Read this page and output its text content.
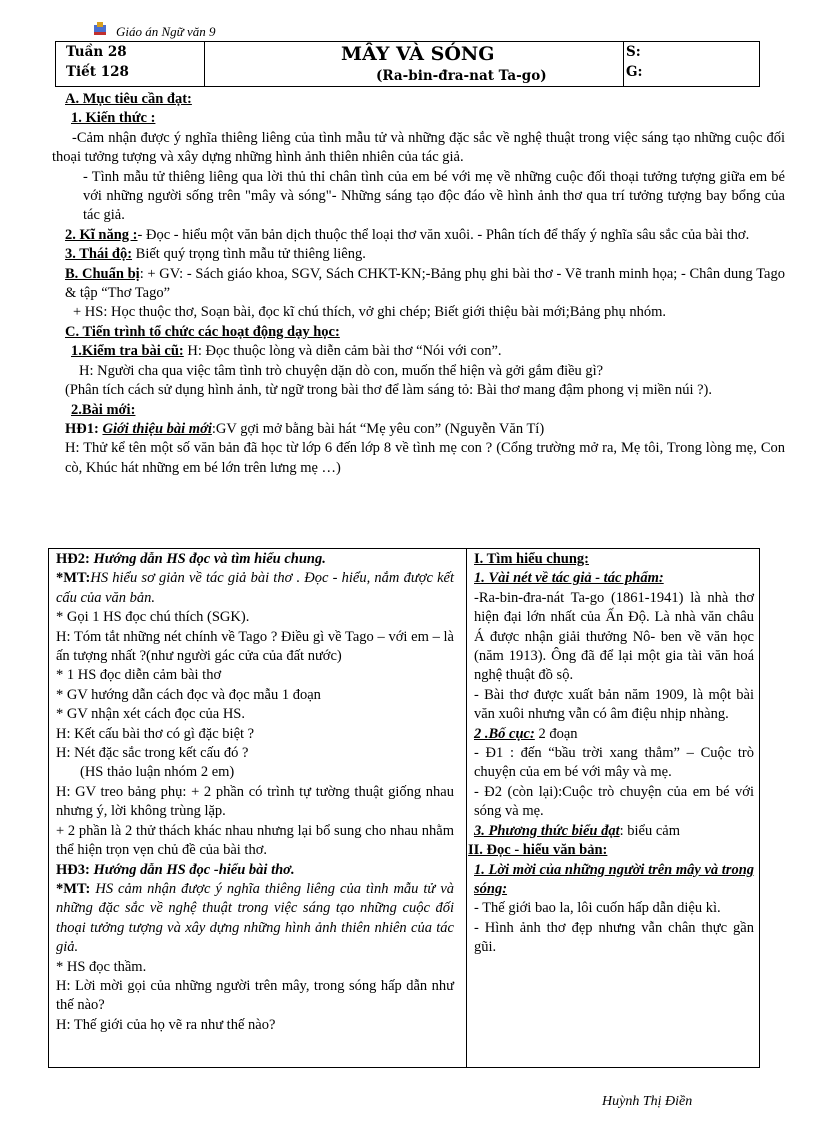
Giáo án Ngữ văn 9
Tuần 28
Tiết 128
MÂY VÀ SÓNG
(Ra-bin-đra-nat Ta-go)
S:
G:

A. Mục tiêu cần đạt:

1. Kiến thức :

-Cảm nhận được ý nghĩa thiêng liêng của tình mẫu tử và những đặc sắc về nghệ thuật trong việc sáng tạo những cuộc đối thoại tưởng tượng và xây dựng những hình ảnh thiên nhiên của tác giả.

- Tình mẫu tử thiêng liêng qua lời thủ thỉ chân tình của em bé với mẹ về những cuộc đối thoại tưởng tượng giữa em bé với những người sống trên "mây và sóng"- Những sáng tạo độc đáo về hình ảnh thơ qua trí tưởng tượng bay bổng của tác giả.

2. Kĩ năng :- Đọc - hiểu một văn bản dịch thuộc thể loại thơ văn xuôi. - Phân tích để thấy ý nghĩa sâu sắc của bài thơ.

3. Thái độ: Biết quý trọng tình mẫu tử thiêng liêng.

B. Chuẩn bị: + GV: - Sách giáo khoa, SGV, Sách CHKT-KN;-Bảng phụ ghi bài thơ - Vẽ tranh minh họa; - Chân dung Tago & tập “Thơ Tago”

+ HS: Học thuộc thơ, Soạn bài, đọc kĩ chú thích, vở ghi chép; Biết giới thiệu bài mới;Bảng phụ nhóm.

C. Tiến trình tổ chức các hoạt động dạy học:

1.Kiểm tra bài cũ: H: Đọc thuộc lòng và diễn cảm bài thơ “Nói với con”.

H: Người cha qua việc tâm tình trò chuyện dặn dò con, muốn thể hiện và gởi gắm điều gì?

(Phân tích cách sử dụng hình ảnh, từ ngữ trong bài thơ để làm sáng tỏ: Bài thơ mang đậm phong vị miền núi ?).

2.Bài mới:

HĐ1: Giới thiệu bài mới:GV gợi mở bằng bài hát “Mẹ yêu con” (Nguyễn Văn Tí)

H: Thử kể tên một số văn bản đã học từ lớp 6 đến lớp 8 về tình mẹ con ? (Cổng trường mở ra, Mẹ tôi, Trong lòng mẹ, Con cò, Khúc hát những em bé lớn trên lưng mẹ …)

HĐ2: Hướng dẫn HS đọc và tìm hiểu chung.

*MT:HS hiểu sơ giản về tác giả bài thơ . Đọc - hiểu, nắm được kết cấu của văn bản.

* Gọi 1 HS đọc chú thích (SGK).

H: Tóm tắt những nét chính về Tago ? Điều gì về Tago – với em – là ấn tượng nhất ?(như người gác cửa của đất nước)

* 1 HS đọc diễn cảm bài thơ

* GV hướng dẫn cách đọc và đọc mẫu 1 đoạn

* GV nhận xét cách đọc của HS.

H: Kết cấu bài thơ có gì đặc biệt ?

H: Nét đặc sắc trong kết cấu đó ?

(HS thảo luận nhóm 2 em)

H: GV treo bảng phụ: + 2 phần có trình tự tường thuật giống nhau nhưng ý, lời không trùng lặp.

+ 2 phần là 2 thử thách khác nhau nhưng lại bổ sung cho nhau nhằm thể hiện trọn vẹn chủ đề của bài thơ.

HĐ3: Hướng dẫn HS đọc -hiểu bài thơ.

*MT: HS cảm nhận được ý nghĩa thiêng liêng của tình mẫu tử và những đặc sắc về nghệ thuật trong việc sáng tạo những cuộc đối thoại tưởng tượng và xây dựng những hình ảnh thiên nhiên của tác giả.

* HS đọc thầm.

H: Lời mời gọi của những người trên mây, trong sóng hấp dẫn như thế nào?

H: Thế giới của họ vẽ ra như thế nào?

I. Tìm hiểu chung:

1. Vài nét về tác giả - tác phẩm:

-Ra-bin-đra-nát Ta-go (1861-1941) là nhà thơ hiện đại lớn nhất của Ấn Độ. Là nhà văn châu Á được nhận giải thưởng Nô- ben về văn học (năm 1913). Ông đã để lại một gia tài văn hoá nghệ thuật đồ sộ.

- Bài thơ được xuất bản năm 1909, là một bài văn xuôi nhưng vẫn có âm điệu nhịp nhàng.

2 .Bố cục: 2 đoạn

- Đ1 : đến “bầu trời xang thẳm” – Cuộc trò chuyện của em bé với mây và mẹ.

- Đ2 (còn lại):Cuộc trò chuyện của em bé với sóng và mẹ.

3. Phương thức biểu đạt: biểu cảm

II. Đọc - hiểu văn bản:

1. Lời mời của những người trên mây và trong sóng:

- Thế giới bao la, lôi cuốn hấp dẫn diệu kì.

- Hình ảnh thơ đẹp nhưng vẫn chân thực gần gũi.

Huỳnh Thị Điền
